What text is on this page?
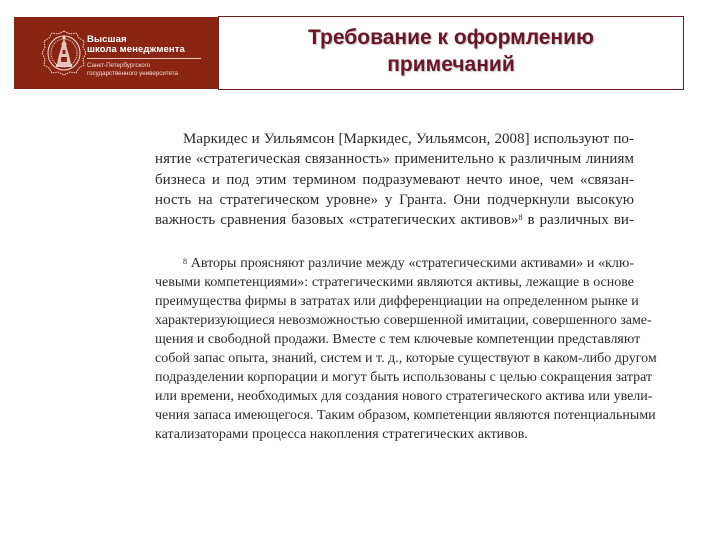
Высшая
школа менеджмента
Санкт-Петербургского
государственного университета
Требование к оформлению
примечаний
Маркидес и Уильямсон [Маркидес, Уильямсон, 2008] используют по-
нятие «стратегическая связанность» применительно к различным линиям
бизнеса и под этим термином подразумевают нечто иное, чем «связан-
ность на стратегическом уровне» у Гранта. Они подчеркнули высокую
важность сравнения базовых «стратегических активов»$^8$ в различных ви-
$^8$ Авторы проясняют различие между «стратегическими активами» и «клю-
чевыми компетенциями»: стратегическими являются активы, лежащие в основе
преимущества фирмы в затратах или дифференциации на определенном рынке и
характеризующиеся невозможностью совершенной имитации, совершенного заме-
щения и свободной продажи. Вместе с тем ключевые компетенции представляют
собой запас опыта, знаний, систем и т. д., которые существуют в каком-либо другом
подразделении корпорации и могут быть использованы с целью сокращения затрат
или времени, необходимых для создания нового стратегического актива или увели-
чения запаса имеющегося. Таким образом, компетенции являются потенциальными
катализаторами процесса накопления стратегических активов.
